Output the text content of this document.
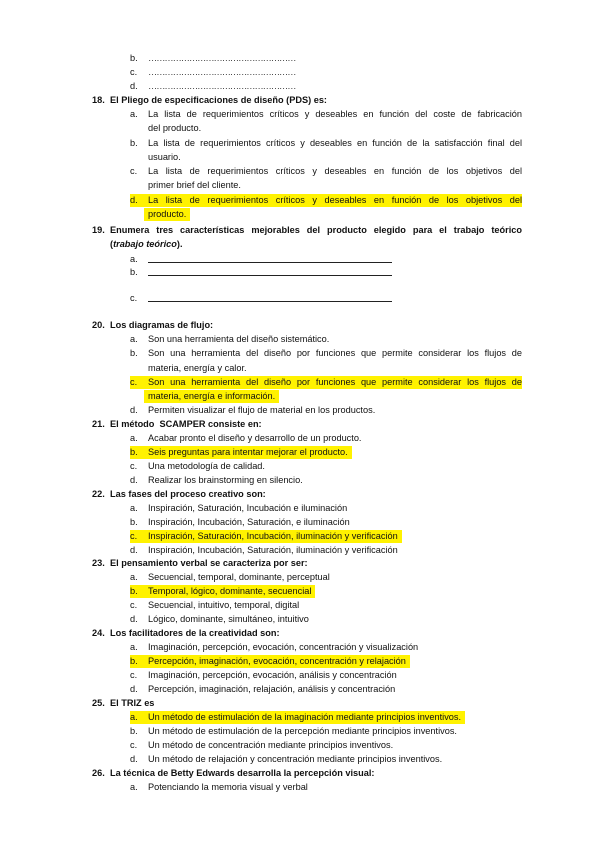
b.	………………………………………………
c.	………………………………………………
d.	………………………………………………
18. El Pliego de especificaciones de diseño (PDS) es:
a.	La lista de requerimientos críticos y deseables en función del coste de fabricación
del producto.
b.	La lista de requerimientos críticos y deseables en función de la satisfacción final del
usuario.
c.	La lista de requerimientos críticos y deseables en función de los objetivos del
primer brief del cliente.
d.	La lista de requerimientos críticos y deseables en función de los objetivos del
producto.
19. Enumera tres características mejorables del producto elegido para el trabajo teórico
(trabajo teórico).
a.
b.
c.
20. Los diagramas de flujo:
a.	Son una herramienta del diseño sistemático.
b.	Son una herramienta del diseño por funciones que permite considerar los flujos de
materia, energía y calor.
c.	Son una herramienta del diseño por funciones que permite considerar los flujos de
materia, energía e información.
d.	Permiten visualizar el flujo de material en los productos.
21. El método  SCAMPER consiste en:
a.	Acabar pronto el diseño y desarrollo de un producto.
b.	Seis preguntas para intentar mejorar el producto.
c.	Una metodología de calidad.
d.	Realizar los brainstorming en silencio.
22. Las fases del proceso creativo son:
a.	Inspiración, Saturación, Incubación e iluminación
b.	Inspiración, Incubación, Saturación, e iluminación
c.	Inspiración, Saturación, Incubación, iluminación y verificación
d.	Inspiración, Incubación, Saturación, iluminación y verificación
23. El pensamiento verbal se caracteriza por ser:
a.	Secuencial, temporal, dominante, perceptual
b.	Temporal, lógico, dominante, secuencial
c.	Secuencial, intuitivo, temporal, digital
d.	Lógico, dominante, simultáneo, intuitivo
24. Los facilitadores de la creatividad son:
a.	Imaginación, percepción, evocación, concentración y visualización
b.	Percepción, imaginación, evocación, concentración y relajación
c.	Imaginación, percepción, evocación, análisis y concentración
d.	Percepción, imaginación, relajación, análisis y concentración
25. El TRIZ es
a.	Un método de estimulación de la imaginación mediante principios inventivos.
b.	Un método de estimulación de la percepción mediante principios inventivos.
c.	Un método de concentración mediante principios inventivos.
d.	Un método de relajación y concentración mediante principios inventivos.
26. La técnica de Betty Edwards desarrolla la percepción visual:
a.	Potenciando la memoria visual y verbal
